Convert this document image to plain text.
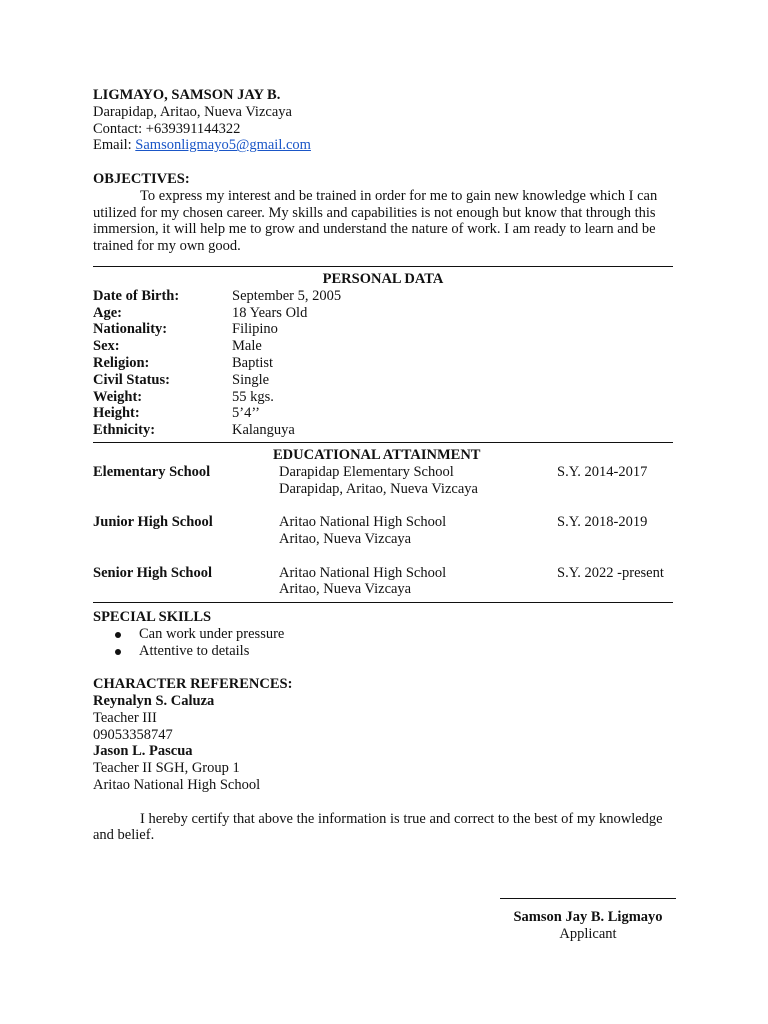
LIGMAYO, SAMSON JAY B.
Darapidap, Aritao, Nueva Vizcaya
Contact: +639391144322
Email: Samsonligmayo5@gmail.com
OBJECTIVES:
To express my interest and be trained in order for me to gain new knowledge which I can utilized for my chosen career. My skills and capabilities is not enough but know that through this immersion, it will help me to grow and understand the nature of work. I am ready to learn and be trained for my own good.
PERSONAL DATA
Date of Birth:	September 5, 2005
Age:	18 Years Old
Nationality:	Filipino
Sex:	Male
Religion:	Baptist
Civil Status:	Single
Weight:	55 kgs.
Height:	5’4’’
Ethnicity:	Kalanguya
EDUCATIONAL ATTAINMENT
Elementary School	Darapidap Elementary School
Darapidap, Aritao, Nueva Vizcaya
S.Y. 2014-2017
Junior High School	Aritao National High School
Aritao, Nueva Vizcaya
S.Y. 2018-2019
Senior High School	Aritao National High School
Aritao, Nueva Vizcaya
S.Y. 2022 -present
SPECIAL SKILLS
Can work under pressure
Attentive to details
CHARACTER REFERENCES:
Reynalyn S. Caluza
Teacher III
09053358747
Jason L. Pascua
Teacher II SGH, Group 1
Aritao National High School
I hereby certify that above the information is true and correct to the best of my knowledge and belief.
Samson Jay B. Ligmayo
Applicant
